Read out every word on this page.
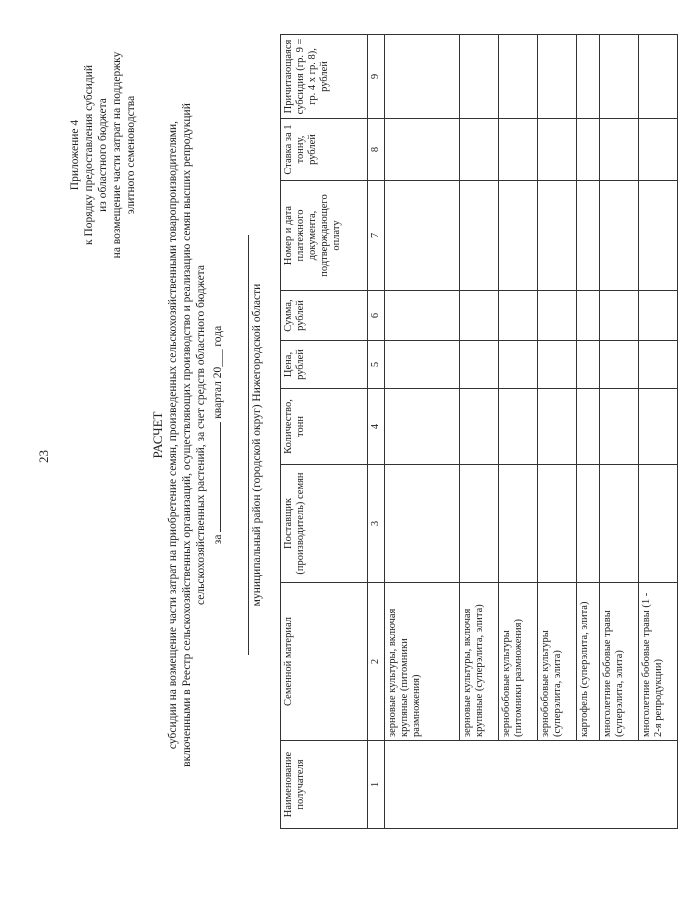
23
Приложение 4 к Порядку предоставления субсидий из областного бюджета на возмещение части затрат на поддержку элитного семеноводства
РАСЧЕТ субсидии на возмещение части затрат на приобретение семян, произведенных сельскохозяйственными товаропроизводителями, включенными в Реестр сельскохозяйственных организаций, осуществляющих производство и реализацию семян высших репродукций сельскохозяйственных растений, за счет средств областного бюджета за  квартал 20___ года муниципальный район (городской округ) Нижегородской области
Наименование получателя	Семенной материал	Поставщик (производитель) семян	Количество, тонн	Цена, рублей	Сумма, рублей	Номер и дата платежного документа, подтверждающего оплату	Ставка за 1 тонну, рублей	Причитающаяся субсидия (гр. 9 = гр. 4 х гр. 8), рублей
1	2	3	4	5	6	7	8	9
	зерновые культуры, включая крупяные (питомники размножения)							
	зерновые культуры, включая крупяные (суперэлита, элита)							
	зернобобовые культуры (питомники размножения)							
	зернобобовые культуры (суперэлита, элита)							
	картофель (суперэлита, элита)							
	многолетние бобовые травы (суперэлита, элита)							
	многолетние бобовые травы (1 - 2-я репродукции)							
